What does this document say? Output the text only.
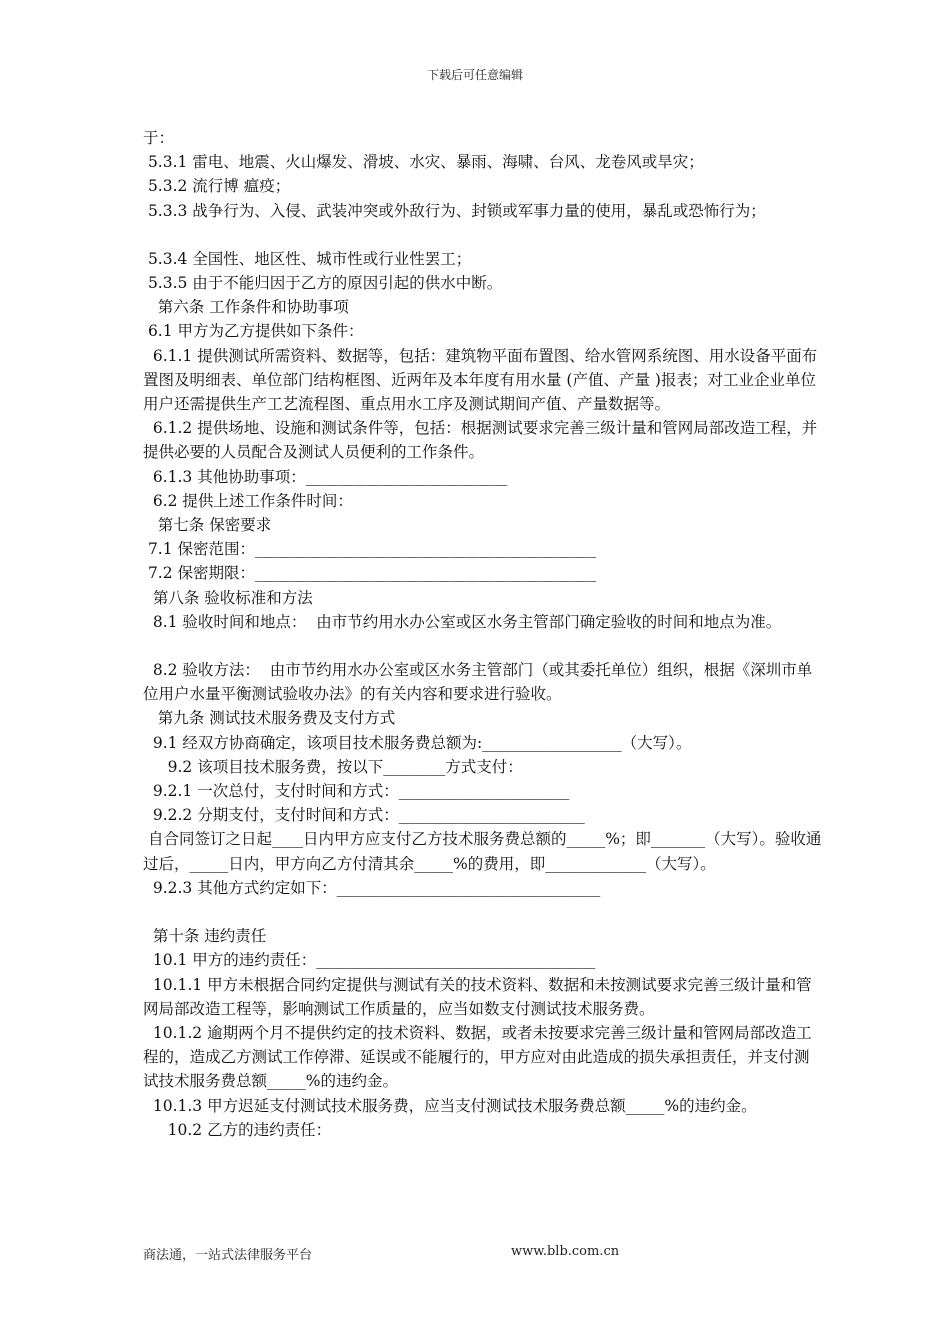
下载后可任意编辑

于：

5.3.1 雷电、地震、火山爆发、滑坡、水灾、暴雨、海啸、台风、龙卷风或旱灾；

5.3.2 流行博 瘟疫；

5.3.3 战争行为、入侵、武装冲突或外敌行为、封锁或军事力量的使用，暴乱或恐怖行为；

5.3.4 全国性、地区性、城市性或行业性罢工；

5.3.5 由于不能归因于乙方的原因引起的供水中断。

第六条 工作条件和协助事项

6.1 甲方为乙方提供如下条件：

6.1.1 提供测试所需资料、数据等，包括：建筑物平面布置图、给水管网系统图、用水设备平面布置图及明细表、单位部门结构框图、近两年及本年度有用水量 (产值、产量 )报表；对工业企业单位用户还需提供生产工艺流程图、重点用水工序及测试期间产值、产量数据等。

6.1.2 提供场地、设施和测试条件等，包括：根据测试要求完善三级计量和管网局部改造工程，并提供必要的人员配合及测试人员便利的工作条件。

6.1.3 其他协助事项：__________________________

6.2 提供上述工作条件时间：

第七条 保密要求

7.1 保密范围：____________________________________________

7.2 保密期限：____________________________________________

第八条 验收标准和方法

8.1 验收时间和地点：  由市节约用水办公室或区水务主管部门确定验收的时间和地点为准。

8.2 验收方法：  由市节约用水办公室或区水务主管部门（或其委托单位）组织，根据《深圳市单位用户水量平衡测试验收办法》的有关内容和要求进行验收。

第九条 测试技术服务费及支付方式

9.1 经双方协商确定，该项目技术服务费总额为:__________________（大写）。

9.2 该项目技术服务费，按以下________方式支付：

9.2.1 一次总付，支付时间和方式：______________________

9.2.2 分期支付，支付时间和方式：________________________

自合同签订之日起____日内甲方应支付乙方技术服务费总额的_____%；即_______（大写）。验收通过后，_____日内，甲方向乙方付清其余_____%的费用，即_____________（大写）。

9.2.3 其他方式约定如下：__________________________________

第十条 违约责任

10.1 甲方的违约责任：____________________________________

10.1.1 甲方未根据合同约定提供与测试有关的技术资料、数据和未按测试要求完善三级计量和管网局部改造工程等，影响测试工作质量的，应当如数支付测试技术服务费。

10.1.2 逾期两个月不提供约定的技术资料、数据，或者未按要求完善三级计量和管网局部改造工程的，造成乙方测试工作停滞、延误或不能履行的，甲方应对由此造成的损失承担责任，并支付测试技术服务费总额_____%的违约金。

10.1.3 甲方迟延支付测试技术服务费，应当支付测试技术服务费总额_____%的违约金。

10.2 乙方的违约责任：

商法通，一站式法律服务平台	www.blb.com.cn
